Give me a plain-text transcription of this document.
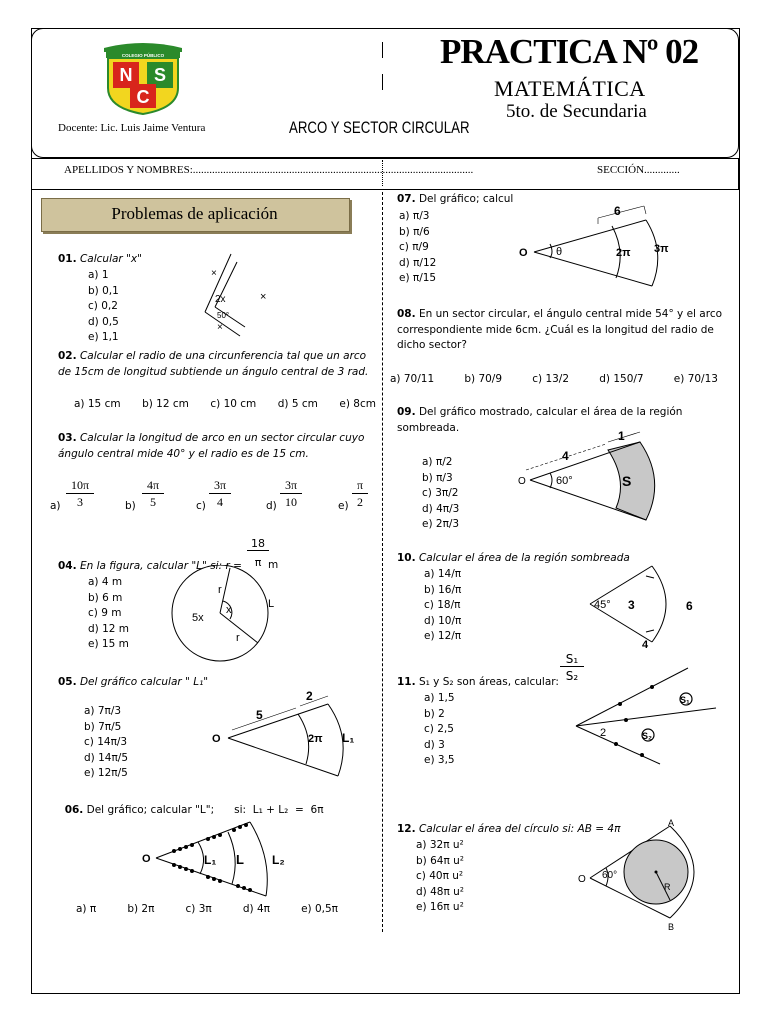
N S
C
COLEGIO PÚBLICO
Docente: Lic. Luis Jaime Ventura	ARCO Y SECTOR CIRCULAR
PRACTICA Nº 02
MATEMÁTICA
5to. de Secundaria
APELLIDOS Y NOMBRES:......................................................................................................	SECCIÓN.............
Problemas de aplicación
01. Calcular "x"
a) 1
b) 0,1
c) 0,2
d) 0,5
e) 1,1
×
2x
50°
×
×
02. Calcular el radio de una circunferencia tal que un arco de 15cm de longitud subtiende un ángulo central de 3 rad.
a) 15 cm b) 12 cm c) 10 cm d) 5 cm e) 8cm
03. Calcular la longitud de arco en un sector circular cuyo ángulo central mide 40° y el radio es de 15 cm.
a)
10π
3	b)
4π
5	c)
3π
4	d)
3π
10	e)
π
2
04. En la figura, calcular "L" si: r =
18
π m
a) 4 m
b) 6 m
c) 9 m
d) 12 m
e) 15 m
r
x
5x
L
r
05. Del gráfico calcular " L₁"
a) 7π/3
b) 7π/5
c) 14π/3
d) 14π/5
e) 12π/5
O
5
2
2π L₁

06. Del gráfico; calcular "L";      si:  L₁ + L₂  =  6π

O	L₁ L L₂
a) π	b) 2π	c) 3π	d) 4π	e) 0,5π
07. Del gráfico; calcul
a) π/3
b) π/6
c) π/9
d) π/12
e) π/15
O	θ
6
2π 3π
08. En un sector circular, el ángulo central mide 54° y el arco correspondiente mide 6cm. ¿Cuál es la longitud del radio de dicho sector?
a) 70/11	b) 70/9	c) 13/2	d) 150/7	e) 70/13
09. Del gráfico mostrado, calcular el área de la región sombreada.
a) π/2
b) π/3
c) 3π/2
d) 4π/3
e) 2π/3
O	60°
4
1
S
10. Calcular el área de la región sombreada
a) 14/π
b) 16/π
c) 18/π
d) 10/π
e) 12/π
45° 3	6
4
11. S₁ y S₂ son áreas, calcular:
S₁
S₂
a) 1,5
b) 2
c) 2,5
d) 3
e) 3,5
2
S₁
S₂
12. Calcular el área del círculo si: AB = 4π
a) 32π u²
b) 64π u²
c) 40π u²
d) 48π u²
e) 16π u²
O 60°
A
B
R
